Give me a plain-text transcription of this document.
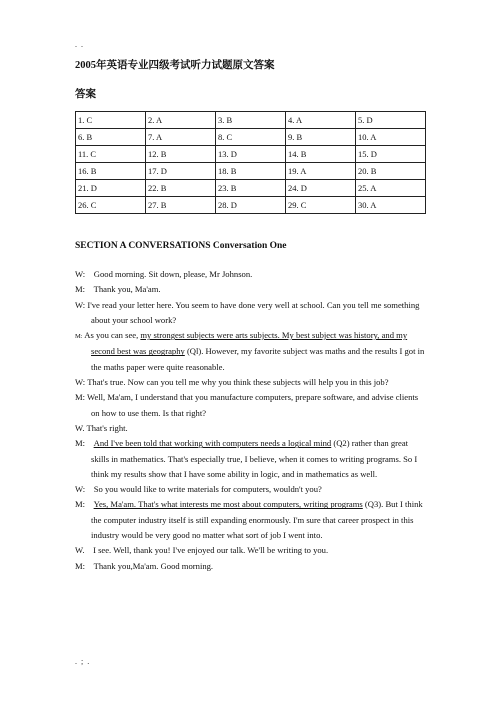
. .
2005年英语专业四级考试听力试题原文答案
答案
1. C	2. A	3. B	4. A	5. D
6. B	7. A	8. C	9. B	10. A
11. C	12. B	13. D	14. B	15. D
16. B	17. D	18. B	19. A	20. B
21. D	22. B	23. B	24. D	25. A
26. C	27. B	28. D	29. C	30. A
SECTION A CONVERSATIONS Conversation One
W: Good morning. Sit down, please, Mr Johnson.
M: Thank you, Ma'am.
W: I've read your letter here. You seem to have done very well at school. Can you tell me something about your school work?
M: As you can see, my strongest subjects were arts subjects. My best subject was history, and my second best was geography (Ql). However, my favorite subject was maths and the results I got in the maths paper were quite reasonable.
W: That's true. Now can you tell me why you think these subjects will help you in this job?
M: Well, Ma'am, I understand that you manufacture computers, prepare software, and advise clients on how to use them. Is that right?
W. That's right.
M: And I've been told that working with computers needs a logical mind (Q2) rather than great skills in mathematics. That's especially true, I believe, when it comes to writing programs. So I think my results show that I have some ability in logic, and in mathematics as well.
W: So you would like to write materials for computers, wouldn't you?
M: Yes, Ma'am. That's what interests me most about computers, writing programs (Q3). But I think the computer industry itself is still expanding enormously. I'm sure that career prospect in this industry would be very good no matter what sort of job I went into.
W. I see. Well, thank you! I've enjoyed our talk. We'll be writing to you.
M: Thank you,Ma'am. Good morning.
. ; .
